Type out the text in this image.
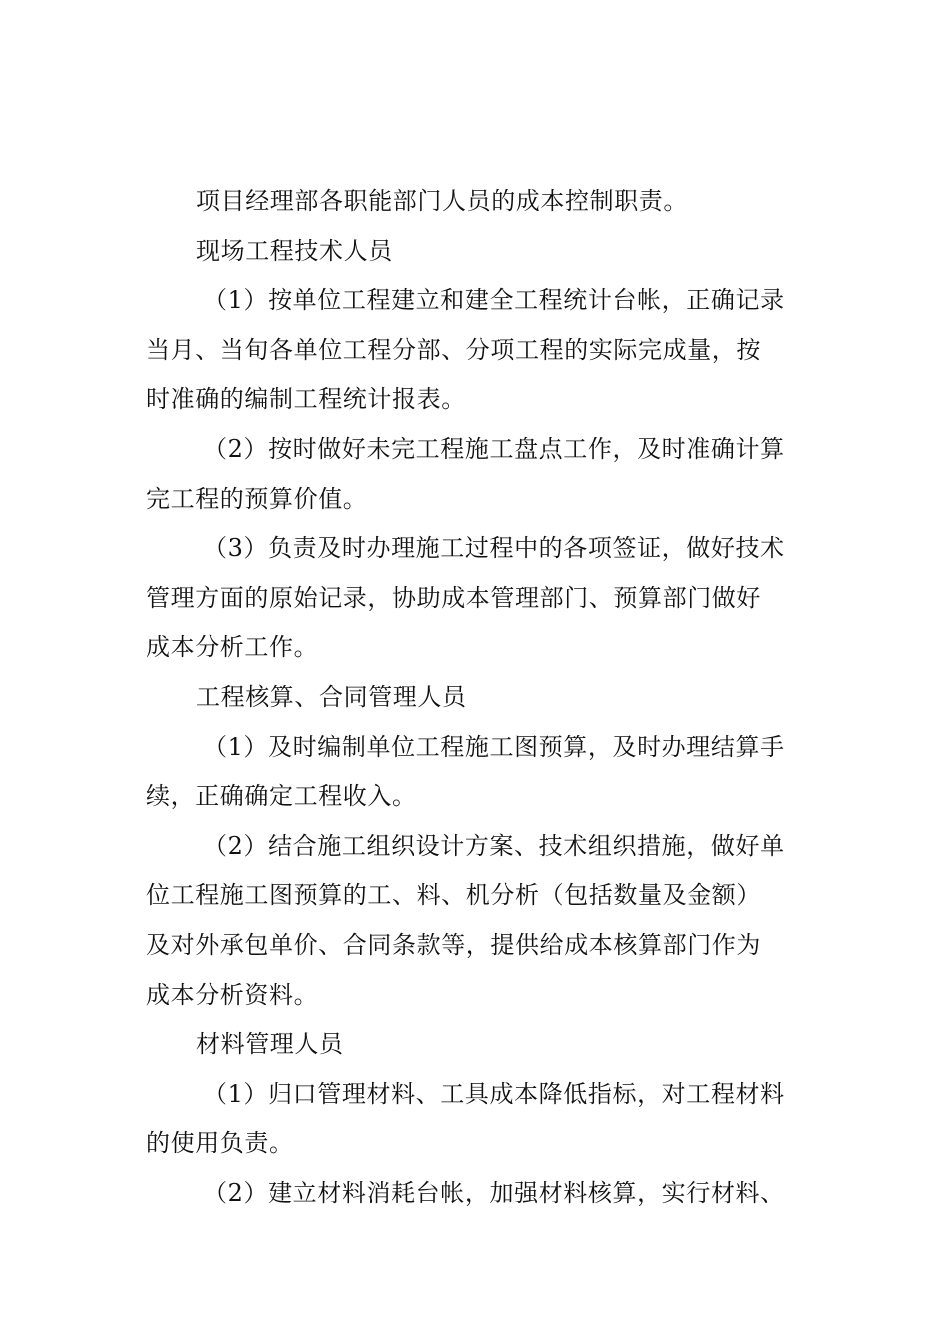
项目经理部各职能部门人员的成本控制职责。
现场工程技术人员
（1）按单位工程建立和建全工程统计台帐，正确记录
当月、当旬各单位工程分部、分项工程的实际完成量，按
时准确的编制工程统计报表。
（2）按时做好未完工程施工盘点工作，及时准确计算
完工程的预算价值。
（3）负责及时办理施工过程中的各项签证，做好技术
管理方面的原始记录，协助成本管理部门、预算部门做好
成本分析工作。
工程核算、合同管理人员
（1）及时编制单位工程施工图预算，及时办理结算手
续，正确确定工程收入。
（2）结合施工组织设计方案、技术组织措施，做好单
位工程施工图预算的工、料、机分析（包括数量及金额）
及对外承包单价、合同条款等，提供给成本核算部门作为
成本分析资料。
材料管理人员
（1）归口管理材料、工具成本降低指标，对工程材料
的使用负责。
（2）建立材料消耗台帐，加强材料核算，实行材料、
